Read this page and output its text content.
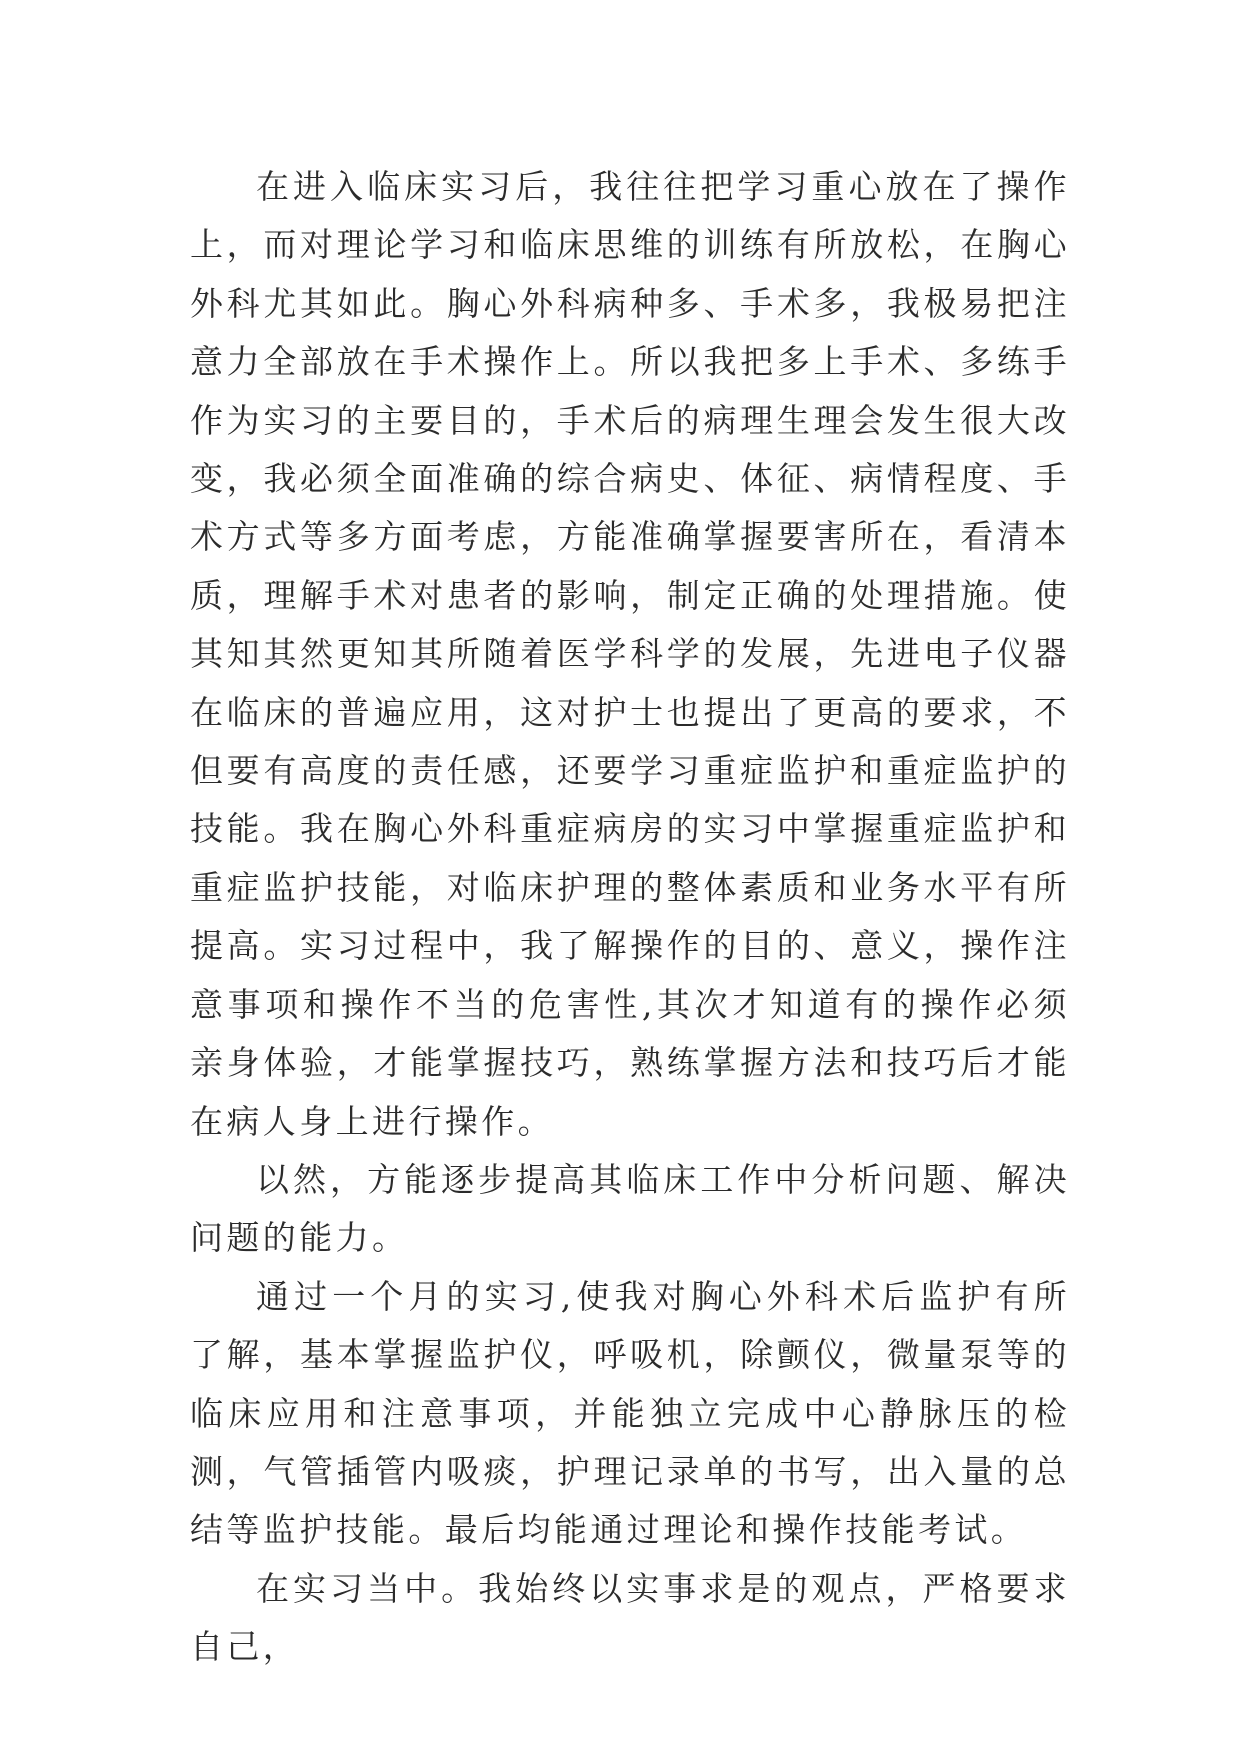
在进入临床实习后，我往往把学习重心放在了操作上，而对理论学习和临床思维的训练有所放松，在胸心外科尤其如此。胸心外科病种多、手术多，我极易把注意力全部放在手术操作上。所以我把多上手术、多练手作为实习的主要目的，手术后的病理生理会发生很大改变，我必须全面准确的综合病史、体征、病情程度、手术方式等多方面考虑，方能准确掌握要害所在，看清本质，理解手术对患者的影响，制定正确的处理措施。使其知其然更知其所随着医学科学的发展，先进电子仪器在临床的普遍应用，这对护士也提出了更高的要求，不但要有高度的责任感，还要学习重症监护和重症监护的技能。我在胸心外科重症病房的实习中掌握重症监护和重症监护技能，对临床护理的整体素质和业务水平有所提高。实习过程中，我了解操作的目的、意义，操作注意事项和操作不当的危害性,其次才知道有的操作必须亲身体验，才能掌握技巧，熟练掌握方法和技巧后才能在病人身上进行操作。

以然，方能逐步提高其临床工作中分析问题、解决问题的能力。

通过一个月的实习,使我对胸心外科术后监护有所了解，基本掌握监护仪，呼吸机，除颤仪，微量泵等的临床应用和注意事项，并能独立完成中心静脉压的检测，气管插管内吸痰，护理记录单的书写，出入量的总结等监护技能。最后均能通过理论和操作技能考试。

在实习当中。我始终以实事求是的观点，严格要求自己，
